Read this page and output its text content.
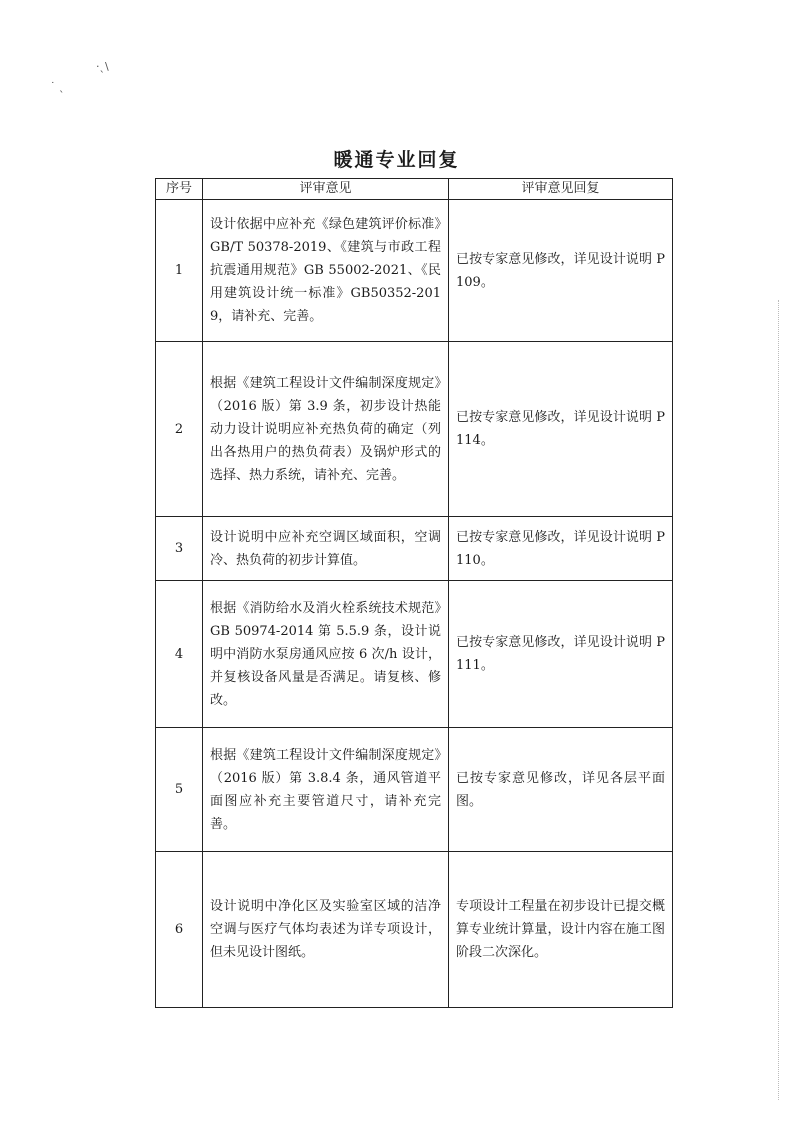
·ˎ\
˙ ˎ
暖通专业回复
序号	评审意见	评审意见回复
1	设计依据中应补充《绿色建筑评价标准》GB/T 50378-2019、《建筑与市政工程抗震通用规范》GB 55002-2021、《民用建筑设计统一标准》GB50352-2019，请补充、完善。	已按专家意见修改，详见设计说明 P109。
2	根据《建筑工程设计文件编制深度规定》（2016 版）第 3.9 条，初步设计热能动力设计说明应补充热负荷的确定（列出各热用户的热负荷表）及锅炉形式的选择、热力系统，请补充、完善。	已按专家意见修改，详见设计说明 P114。
3	设计说明中应补充空调区域面积，空调冷、热负荷的初步计算值。	已按专家意见修改，详见设计说明 P110。
4	根据《消防给水及消火栓系统技术规范》GB 50974-2014 第 5.5.9 条，设计说明中消防水泵房通风应按 6 次/h 设计，并复核设备风量是否满足。请复核、修改。	已按专家意见修改，详见设计说明 P111。
5	根据《建筑工程设计文件编制深度规定》（2016 版）第 3.8.4 条，通风管道平面图应补充主要管道尺寸，请补充完善。	已按专家意见修改，详见各层平面图。
6	设计说明中净化区及实验室区域的洁净空调与医疗气体均表述为详专项设计，但未见设计图纸。	专项设计工程量在初步设计已提交概算专业统计算量，设计内容在施工图阶段二次深化。
